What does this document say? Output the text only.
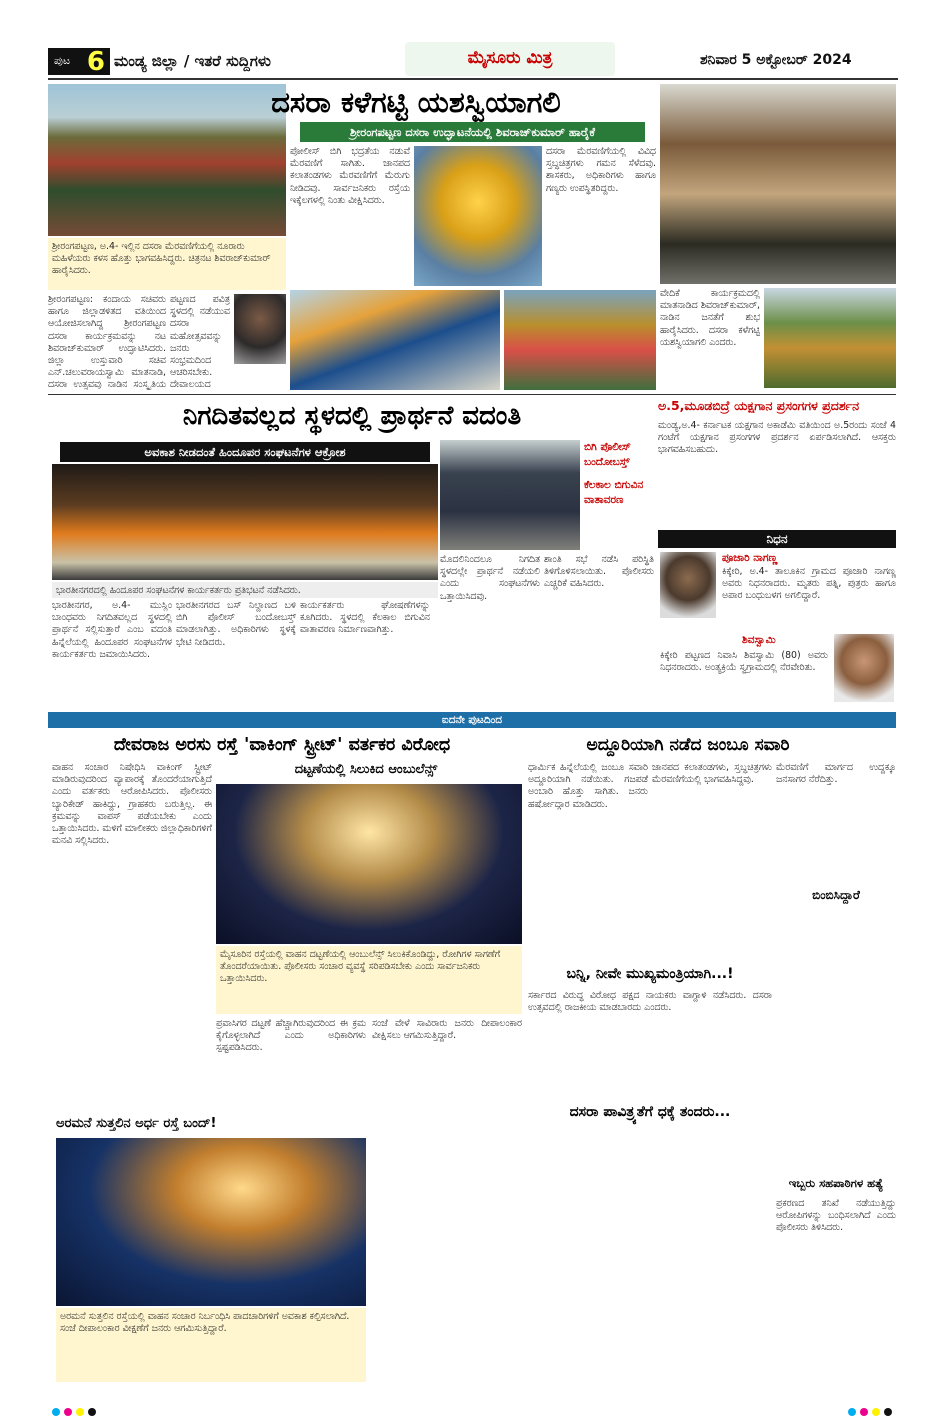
ಪುಟ 6 ಮಂಡ್ಯ ಜಿಲ್ಲಾ / ಇತರೆ ಸುದ್ದಿಗಳು	ಮೈಸೂರು ಮಿತ್ರ	ಶನಿವಾರ 5 ಅಕ್ಟೋಬರ್ 2024
ದಸರಾ ಕಳೆಗಟ್ಟಿ ಯಶಸ್ವಿಯಾಗಲಿ
ಶ್ರೀರಂಗಪಟ್ಟಣ ದಸರಾ ಉದ್ಘಾಟನೆಯಲ್ಲಿ ಶಿವರಾಜ್‌ಕುಮಾರ್ ಹಾರೈಕೆ
ಶ್ರೀರಂಗಪಟ್ಟಣ, ಅ.4- ಇಲ್ಲಿನ ದಸರಾ ಮೆರವಣಿಗೆಯಲ್ಲಿ ನೂರಾರು ಮಹಿಳೆಯರು ಕಳಸ ಹೊತ್ತು ಭಾಗವಹಿಸಿದ್ದರು. ಚಿತ್ರನಟ ಶಿವರಾಜ್‌ಕುಮಾರ್ ಹಾರೈಸಿದರು.
ಶ್ರೀರಂಗಪಟ್ಟಣ: ಕಂದಾಯ ಸಚಿವರು ಹಾಗೂ ಜಿಲ್ಲಾಡಳಿತದ ವತಿಯಿಂದ ಆಯೋಜಿಸಲಾಗಿದ್ದ ಶ್ರೀರಂಗಪಟ್ಟಣ ದಸರಾ ಕಾರ್ಯಕ್ರಮವನ್ನು ನಟ ಶಿವರಾಜ್‌ಕುಮಾರ್ ಉದ್ಘಾಟಿಸಿದರು. ಜಿಲ್ಲಾ ಉಸ್ತುವಾರಿ ಸಚಿವ ಎನ್.ಚಲುವರಾಯಸ್ವಾಮಿ ಮಾತನಾಡಿ, ದಸರಾ ಉತ್ಸವವು ನಾಡಿನ ಸಂಸ್ಕೃತಿಯ
ಪಟ್ಟಣದ ಪವಿತ್ರ ಸ್ಥಳದಲ್ಲಿ ನಡೆಯುವ ದಸರಾ ಮಹೋತ್ಸವವನ್ನು ಜನರು ಸಂಭ್ರಮದಿಂದ ಆಚರಿಸಬೇಕು. ದೇವಾಲಯದ
ಪೋಲೀಸ್ ಬಿಗಿ ಭದ್ರತೆಯ ನಡುವೆ ಮೆರವಣಿಗೆ ಸಾಗಿತು. ಜಾನಪದ ಕಲಾತಂಡಗಳು ಮೆರವಣಿಗೆಗೆ ಮೆರುಗು ನೀಡಿದವು. ಸಾರ್ವಜನಿಕರು ರಸ್ತೆಯ ಇಕ್ಕೆಲಗಳಲ್ಲಿ ನಿಂತು ವೀಕ್ಷಿಸಿದರು.
ದಸರಾ ಮೆರವಣಿಗೆಯಲ್ಲಿ ವಿವಿಧ ಸ್ತಬ್ಧಚಿತ್ರಗಳು ಗಮನ ಸೆಳೆದವು. ಶಾಸಕರು, ಅಧಿಕಾರಿಗಳು ಹಾಗೂ ಗಣ್ಯರು ಉಪಸ್ಥಿತರಿದ್ದರು.
ವೇದಿಕೆ ಕಾರ್ಯಕ್ರಮದಲ್ಲಿ ಮಾತನಾಡಿದ ಶಿವರಾಜ್‌ಕುಮಾರ್, ನಾಡಿನ ಜನತೆಗೆ ಶುಭ ಹಾರೈಸಿದರು. ದಸರಾ ಕಳೆಗಟ್ಟಿ ಯಶಸ್ವಿಯಾಗಲಿ ಎಂದರು.
ನಿಗದಿತವಲ್ಲದ ಸ್ಥಳದಲ್ಲಿ ಪ್ರಾರ್ಥನೆ ವದಂತಿ
ಅವಕಾಶ ನೀಡದಂತೆ ಹಿಂದೂಪರ ಸಂಘಟನೆಗಳ ಆಕ್ರೋಶ	ಬಿಗಿ ಪೊಲೀಸ್ ಬಂದೋಬಸ್ತ್
ಕೆಲಕಾಲ ಬಿಗುವಿನ ವಾತಾವರಣ
ಭಾರತೀನಗರದಲ್ಲಿ ಹಿಂದೂಪರ ಸಂಘಟನೆಗಳ ಕಾರ್ಯಕರ್ತರು ಪ್ರತಿಭಟನೆ ನಡೆಸಿದರು.
ಭಾರತೀನಗರ, ಅ.4- ಮುಸ್ಲಿಂ ಬಾಂಧವರು ನಿಗದಿತವಲ್ಲದ ಸ್ಥಳದಲ್ಲಿ ಪ್ರಾರ್ಥನೆ ಸಲ್ಲಿಸುತ್ತಾರೆ ಎಂಬ ವದಂತಿ ಹಿನ್ನೆಲೆಯಲ್ಲಿ ಹಿಂದೂಪರ ಸಂಘಟನೆಗಳ ಕಾರ್ಯಕರ್ತರು ಜಮಾಯಿಸಿದರು.
ಭಾರತೀನಗರದ ಬಸ್ ನಿಲ್ದಾಣದ ಬಳಿ ಬಿಗಿ ಪೊಲೀಸ್ ಬಂದೋಬಸ್ತ್ ಮಾಡಲಾಗಿತ್ತು. ಅಧಿಕಾರಿಗಳು ಸ್ಥಳಕ್ಕೆ ಭೇಟಿ ನೀಡಿದರು.
ಕಾರ್ಯಕರ್ತರು ಘೋಷಣೆಗಳನ್ನು ಕೂಗಿದರು. ಸ್ಥಳದಲ್ಲಿ ಕೆಲಕಾಲ ಬಿಗುವಿನ ವಾತಾವರಣ ನಿರ್ಮಾಣವಾಗಿತ್ತು.
ಮೊದಲಿನಿಂದಲೂ ನಿಗದಿತ ಸ್ಥಳದಲ್ಲೇ ಪ್ರಾರ್ಥನೆ ನಡೆಯಲಿ ಎಂದು ಸಂಘಟನೆಗಳು ಒತ್ತಾಯಿಸಿದವು.
ಶಾಂತಿ ಸಭೆ ನಡೆಸಿ ಪರಿಸ್ಥಿತಿ ತಿಳಿಗೊಳಿಸಲಾಯಿತು. ಪೊಲೀಸರು ಎಚ್ಚರಿಕೆ ವಹಿಸಿದರು.
ಅ.5,ಮೂಡಬಿದ್ರೆ ಯಕ್ಷಗಾನ ಪ್ರಸಂಗಗಳ ಪ್ರದರ್ಶನ
ಮಂಡ್ಯ,ಅ.4- ಕರ್ನಾಟಕ ಯಕ್ಷಗಾನ ಅಕಾಡೆಮಿ ವತಿಯಿಂದ ಅ.5ರಂದು ಸಂಜೆ 4 ಗಂಟೆಗೆ ಯಕ್ಷಗಾನ ಪ್ರಸಂಗಗಳ ಪ್ರದರ್ಶನ ಏರ್ಪಡಿಸಲಾಗಿದೆ. ಆಸಕ್ತರು ಭಾಗವಹಿಸಬಹುದು.
ನಿಧನ
ಪೂಜಾರಿ ನಾಗಣ್ಣ
ಕಿಕ್ಕೇರಿ, ಅ.4- ತಾಲೂಕಿನ ಗ್ರಾಮದ ಪೂಜಾರಿ ನಾಗಣ್ಣ ಅವರು ನಿಧನರಾದರು. ಮೃತರು ಪತ್ನಿ, ಪುತ್ರರು ಹಾಗೂ ಅಪಾರ ಬಂಧುಬಳಗ ಅಗಲಿದ್ದಾರೆ.
ಶಿವಸ್ವಾಮಿ
ಕಿಕ್ಕೇರಿ ಪಟ್ಟಣದ ನಿವಾಸಿ ಶಿವಸ್ವಾಮಿ (80) ಅವರು ನಿಧನರಾದರು. ಅಂತ್ಯಕ್ರಿಯೆ ಸ್ವಗ್ರಾಮದಲ್ಲಿ ನೆರವೇರಿತು.
ಐದನೇ ಪುಟದಿಂದ
ದೇವರಾಜ ಅರಸು ರಸ್ತೆ 'ವಾಕಿಂಗ್ ಸ್ಟ್ರೀಟ್' ವರ್ತಕರ ವಿರೋಧ
ವಾಹನ ಸಂಚಾರ ನಿಷೇಧಿಸಿ ವಾಕಿಂಗ್ ಸ್ಟ್ರೀಟ್ ಮಾಡಿರುವುದರಿಂದ ವ್ಯಾಪಾರಕ್ಕೆ ತೊಂದರೆಯಾಗುತ್ತಿದೆ ಎಂದು ವರ್ತಕರು ಆರೋಪಿಸಿದರು. ಪೊಲೀಸರು ಬ್ಯಾರಿಕೇಡ್ ಹಾಕಿದ್ದು, ಗ್ರಾಹಕರು ಬರುತ್ತಿಲ್ಲ. ಈ ಕ್ರಮವನ್ನು ವಾಪಸ್ ಪಡೆಯಬೇಕು ಎಂದು ಒತ್ತಾಯಿಸಿದರು. ಮಳಿಗೆ ಮಾಲೀಕರು ಜಿಲ್ಲಾಧಿಕಾರಿಗಳಿಗೆ ಮನವಿ ಸಲ್ಲಿಸಿದರು.
ದಟ್ಟಣೆಯಲ್ಲಿ ಸಿಲುಕಿದ ಆಂಬುಲೆನ್ಸ್
ಮೈಸೂರಿನ ರಸ್ತೆಯಲ್ಲಿ ವಾಹನ ದಟ್ಟಣೆಯಲ್ಲಿ ಆಂಬುಲೆನ್ಸ್ ಸಿಲುಕಿಕೊಂಡಿದ್ದು, ರೋಗಿಗಳ ಸಾಗಣೆಗೆ ತೊಂದರೆಯಾಯಿತು. ಪೊಲೀಸರು ಸಂಚಾರ ವ್ಯವಸ್ಥೆ ಸರಿಪಡಿಸಬೇಕು ಎಂದು ಸಾರ್ವಜನಿಕರು ಒತ್ತಾಯಿಸಿದರು.
ಪ್ರವಾಸಿಗರ ದಟ್ಟಣೆ ಹೆಚ್ಚಾಗಿರುವುದರಿಂದ ಈ ಕ್ರಮ ಕೈಗೊಳ್ಳಲಾಗಿದೆ ಎಂದು ಅಧಿಕಾರಿಗಳು ಸ್ಪಷ್ಟಪಡಿಸಿದರು.
ಸಂಜೆ ವೇಳೆ ಸಾವಿರಾರು ಜನರು ದೀಪಾಲಂಕಾರ ವೀಕ್ಷಿಸಲು ಆಗಮಿಸುತ್ತಿದ್ದಾರೆ.
ಅರಮನೆ ಸುತ್ತಲಿನ ಅರ್ಧ ರಸ್ತೆ ಬಂದ್!
ಅರಮನೆ ಸುತ್ತಲಿನ ರಸ್ತೆಯಲ್ಲಿ ವಾಹನ ಸಂಚಾರ ನಿರ್ಬಂಧಿಸಿ ಪಾದಚಾರಿಗಳಿಗೆ ಅವಕಾಶ ಕಲ್ಪಿಸಲಾಗಿದೆ. ಸಂಜೆ ದೀಪಾಲಂಕಾರ ವೀಕ್ಷಣೆಗೆ ಜನರು ಆಗಮಿಸುತ್ತಿದ್ದಾರೆ.
ಅದ್ದೂರಿಯಾಗಿ ನಡೆದ ಜಂಬೂ ಸವಾರಿ
ಧಾರ್ಮಿಕ ಹಿನ್ನೆಲೆಯಲ್ಲಿ ಜಂಬೂ ಸವಾರಿ ಅದ್ದೂರಿಯಾಗಿ ನಡೆಯಿತು. ಗಜಪಡೆ ಅಂಬಾರಿ ಹೊತ್ತು ಸಾಗಿತು. ಜನರು ಹರ್ಷೋದ್ಗಾರ ಮಾಡಿದರು.
ಜಾನಪದ ಕಲಾತಂಡಗಳು, ಸ್ತಬ್ಧಚಿತ್ರಗಳು ಮೆರವಣಿಗೆಯಲ್ಲಿ ಭಾಗವಹಿಸಿದ್ದವು.
ಮೆರವಣಿಗೆ ಮಾರ್ಗದ ಉದ್ದಕ್ಕೂ ಜನಸಾಗರ ನೆರೆದಿತ್ತು.
ಬಿಂಬಿಸಿದ್ದಾರೆ
ಬನ್ನಿ, ನೀವೇ ಮುಖ್ಯಮಂತ್ರಿಯಾಗಿ...!
ಸರ್ಕಾರದ ವಿರುದ್ಧ ವಿರೋಧ ಪಕ್ಷದ ನಾಯಕರು ವಾಗ್ದಾಳಿ ನಡೆಸಿದರು. ದಸರಾ ಉತ್ಸವದಲ್ಲಿ ರಾಜಕೀಯ ಮಾಡಬಾರದು ಎಂದರು.
ದಸರಾ ಪಾವಿತ್ರ್ಯತೆಗೆ ಧಕ್ಕೆ ತಂದರು...
ಇಬ್ಬರು ಸಹಪಾಠಿಗಳ ಹತ್ಯೆ
ಪ್ರಕರಣದ ತನಿಖೆ ನಡೆಯುತ್ತಿದ್ದು ಆರೋಪಿಗಳನ್ನು ಬಂಧಿಸಲಾಗಿದೆ ಎಂದು ಪೊಲೀಸರು ತಿಳಿಸಿದರು.
